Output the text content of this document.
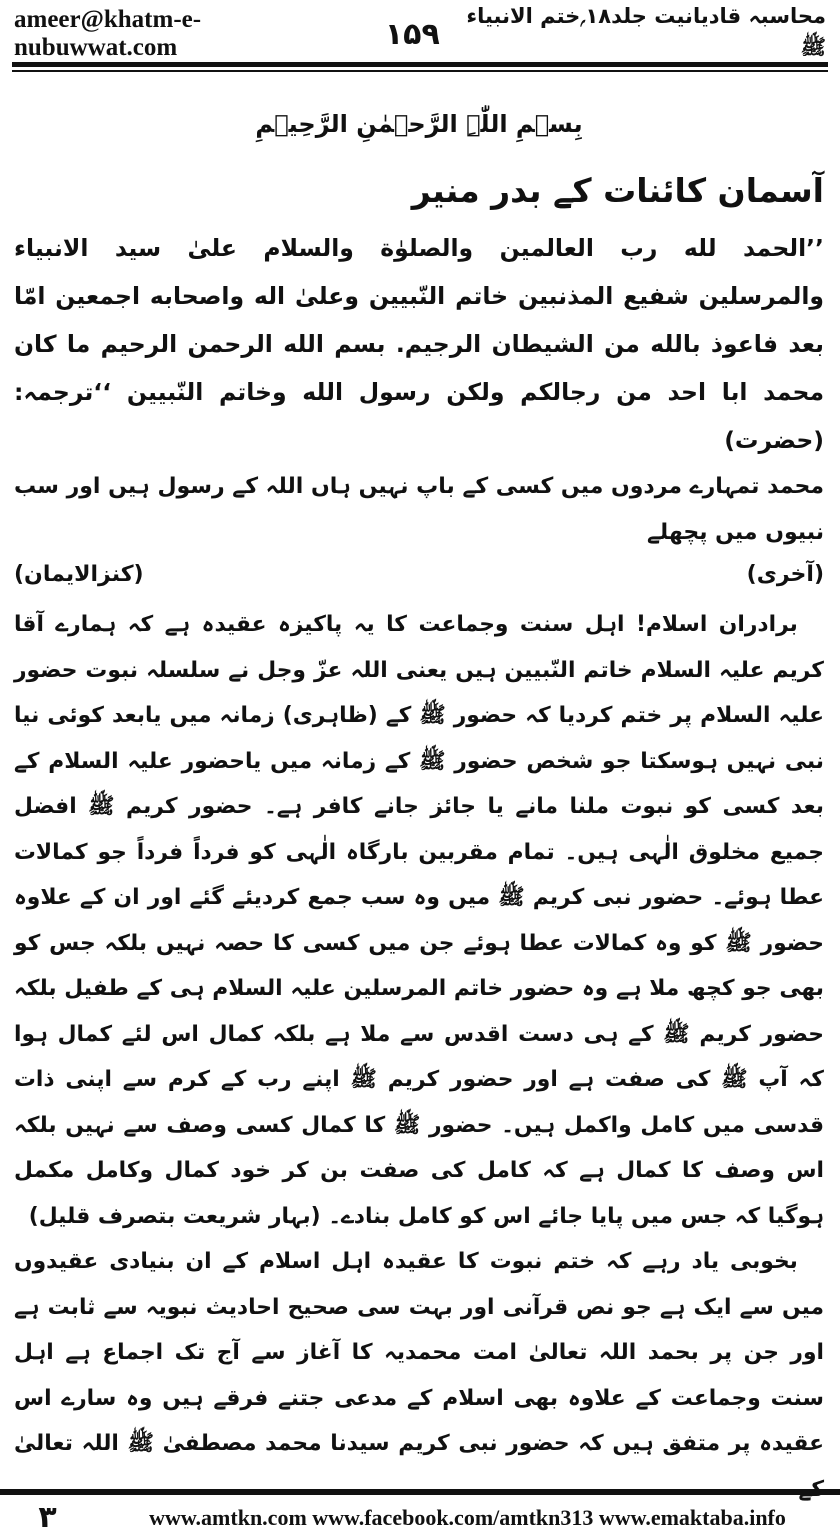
ameer@khatm-e-nubuwwat.com	۱۵۹
محاسبہ قادیانیت جلد۱۸؍ختم الانبیاء ﷺ
بِسۡمِ اللّٰہِ الرَّحۡمٰنِ الرَّحِیۡمِ
آسمان کائنات کے بدر منیر

’’الحمد لله رب العالمين والصلوٰة والسلام علىٰ سيد الانبياء

والمرسلين شفيع المذنبين خاتم النّبيين وعلىٰ اله واصحابه اجمعين امّا

بعد فاعوذ بالله من الشيطان الرجيم. بسم الله الرحمن الرحيم ما كان

محمد ابا احد من رجالكم ولكن رسول الله وخاتم النّبيين ‘‘ترجمہ:(حضرت)

محمد تمہارے مردوں میں کسی کے باپ نہیں ہاں اللہ کے رسول ہیں اور سب نبیوں میں پچھلے

(آخری)
(کنزالایمان)

برادران اسلام! اہل سنت وجماعت کا یہ پاکیزہ عقیدہ ہے کہ ہمارے آقا کریم علیہ السلام خاتم النّبیین ہیں یعنی اللہ عزّ وجل نے سلسلہ نبوت حضور علیہ السلام پر ختم کردیا کہ حضور ﷺ کے (ظاہری) زمانہ میں یابعد کوئی نیا نبی نہیں ہوسکتا جو شخص حضور ﷺ کے زمانہ میں یاحضور علیہ السلام کے بعد کسی کو نبوت ملنا مانے یا جائز جانے کافر ہے۔ حضور کریم ﷺ افضل جمیع مخلوق الٰہی ہیں۔ تمام مقربین بارگاہ الٰہی کو فرداً فرداً جو کمالات عطا ہوئے۔ حضور نبی کریم ﷺ میں وہ سب جمع کردیئے گئے اور ان کے علاوہ حضور ﷺ کو وہ کمالات عطا ہوئے جن میں کسی کا حصہ نہیں بلکہ جس کو بھی جو کچھ ملا ہے وہ حضور خاتم المرسلین علیہ السلام ہی کے طفیل بلکہ حضور کریم ﷺ کے ہی دست اقدس سے ملا ہے بلکہ کمال اس لئے کمال ہوا کہ آپ ﷺ کی صفت ہے اور حضور کریم ﷺ اپنے رب کے کرم سے اپنی ذات قدسی میں کامل واکمل ہیں۔ حضور ﷺ کا کمال کسی وصف سے نہیں بلکہ اس وصف کا کمال ہے کہ کامل کی صفت بن کر خود کمال وکامل مکمل ہوگیا کہ جس میں پایا جائے اس کو کامل بنادے۔ (بہار شریعت بتصرف قلیل)

بخوبی یاد رہے کہ ختم نبوت کا عقیدہ اہل اسلام کے ان بنیادی عقیدوں میں سے ایک ہے جو نص قرآنی اور بہت سی صحیح احادیث نبویہ سے ثابت ہے اور جن پر بحمد اللہ تعالیٰ امت محمدیہ کا آغاز سے آج تک اجماع ہے اہل سنت وجماعت کے علاوہ بھی اسلام کے مدعی جتنے فرقے ہیں وہ سارے اس عقیدہ پر متفق ہیں کہ حضور نبی کریم سیدنا محمد مصطفیٰ ﷺ اللہ تعالیٰ

۳	www.amtkn.com www.facebook.com/amtkn313 www.emaktaba.info
